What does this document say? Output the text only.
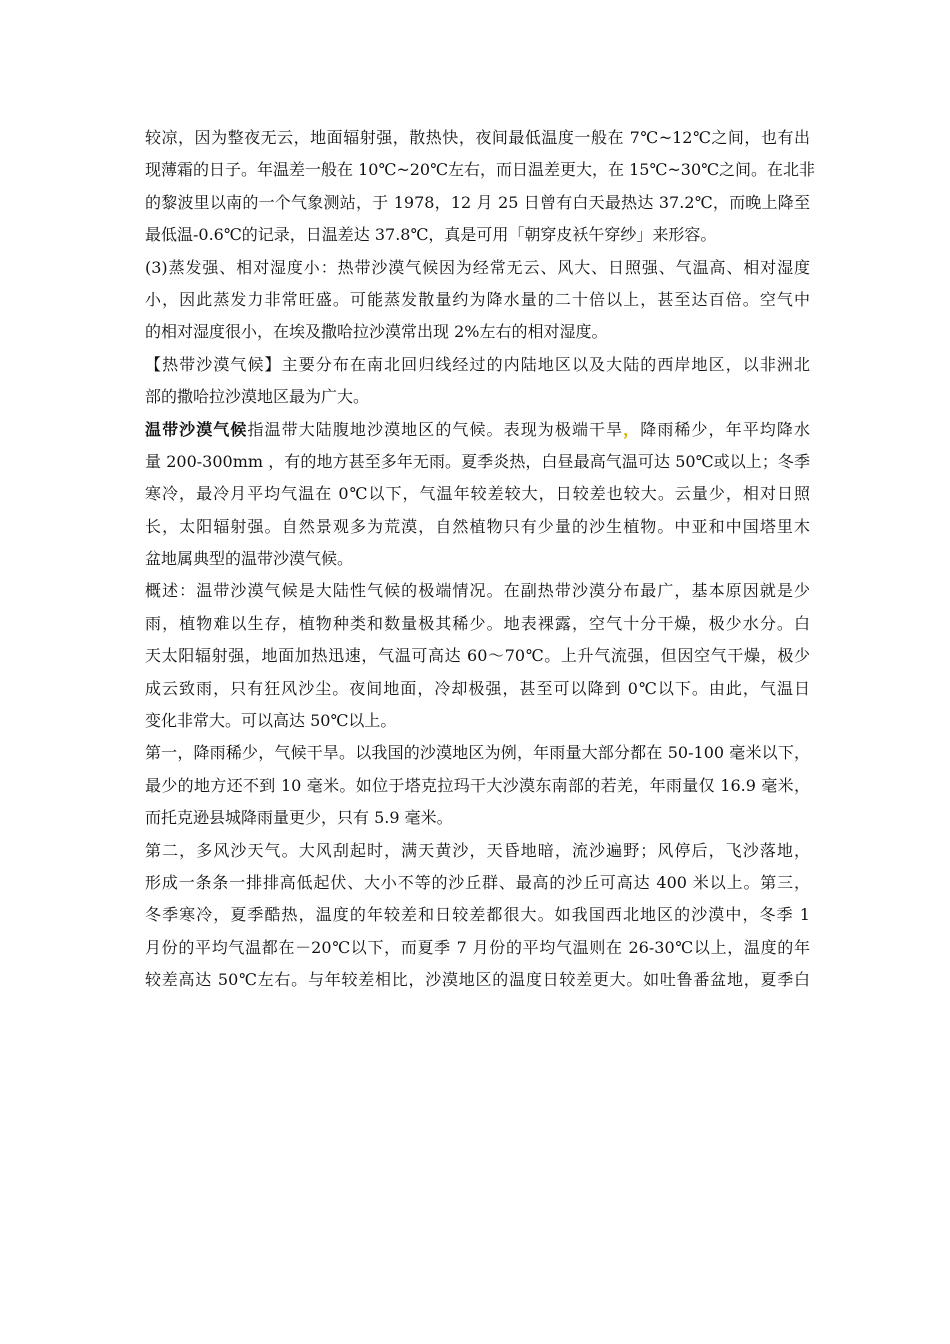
较凉，因为整夜无云，地面辐射强，散热快，夜间最低温度一般在 7℃~12℃之间，也有出
现薄霜的日子。年温差一般在 10℃~20℃左右，而日温差更大，在 15℃~30℃之间。在北非
的黎波里以南的一个气象测站，于 1978，12 月 25 日曾有白天最热达 37.2℃，而晚上降至
最低温-0.6℃的记录，日温差达 37.8℃，真是可用「朝穿皮袄午穿纱」来形容。
(3)蒸发强、相对湿度小：热带沙漠气候因为经常无云、风大、日照强、气温高、相对湿度
小，因此蒸发力非常旺盛。可能蒸发散量约为降水量的二十倍以上，甚至达百倍。空气中
的相对湿度很小，在埃及撒哈拉沙漠常出现 2%左右的相对湿度。
【热带沙漠气候】主要分布在南北回归线经过的内陆地区以及大陆的西岸地区，以非洲北
部的撒哈拉沙漠地区最为广大。
温带沙漠气候指温带大陆腹地沙漠地区的气候。表现为极端干旱，降雨稀少，年平均降水
量 200-300mm ，有的地方甚至多年无雨。夏季炎热，白昼最高气温可达 50℃或以上；冬季
寒冷，最冷月平均气温在 0℃以下，气温年较差较大，日较差也较大。云量少，相对日照
长，太阳辐射强。自然景观多为荒漠，自然植物只有少量的沙生植物。中亚和中国塔里木
盆地属典型的温带沙漠气候。
概述：温带沙漠气候是大陆性气候的极端情况。在副热带沙漠分布最广，基本原因就是少
雨，植物难以生存，植物种类和数量极其稀少。地表裸露，空气十分干燥，极少水分。白
天太阳辐射强，地面加热迅速，气温可高达 60～70℃。上升气流强，但因空气干燥，极少
成云致雨，只有狂风沙尘。夜间地面，冷却极强，甚至可以降到 0℃以下。由此，气温日
变化非常大。可以高达 50℃以上。
第一，降雨稀少，气候干旱。以我国的沙漠地区为例，年雨量大部分都在 50-100 毫米以下，
最少的地方还不到 10 毫米。如位于塔克拉玛干大沙漠东南部的若羌，年雨量仅 16.9 毫米，
而托克逊县城降雨量更少，只有 5.9 毫米。
第二，多风沙天气。大风刮起时，满天黄沙，天昏地暗，流沙遍野；风停后，飞沙落地，
形成一条条一排排高低起伏、大小不等的沙丘群、最高的沙丘可高达 400 米以上。第三，
冬季寒冷，夏季酷热，温度的年较差和日较差都很大。如我国西北地区的沙漠中，冬季 1
月份的平均气温都在－20℃以下，而夏季 7 月份的平均气温则在 26-30℃以上，温度的年
较差高达 50℃左右。与年较差相比，沙漠地区的温度日较差更大。如吐鲁番盆地，夏季白
